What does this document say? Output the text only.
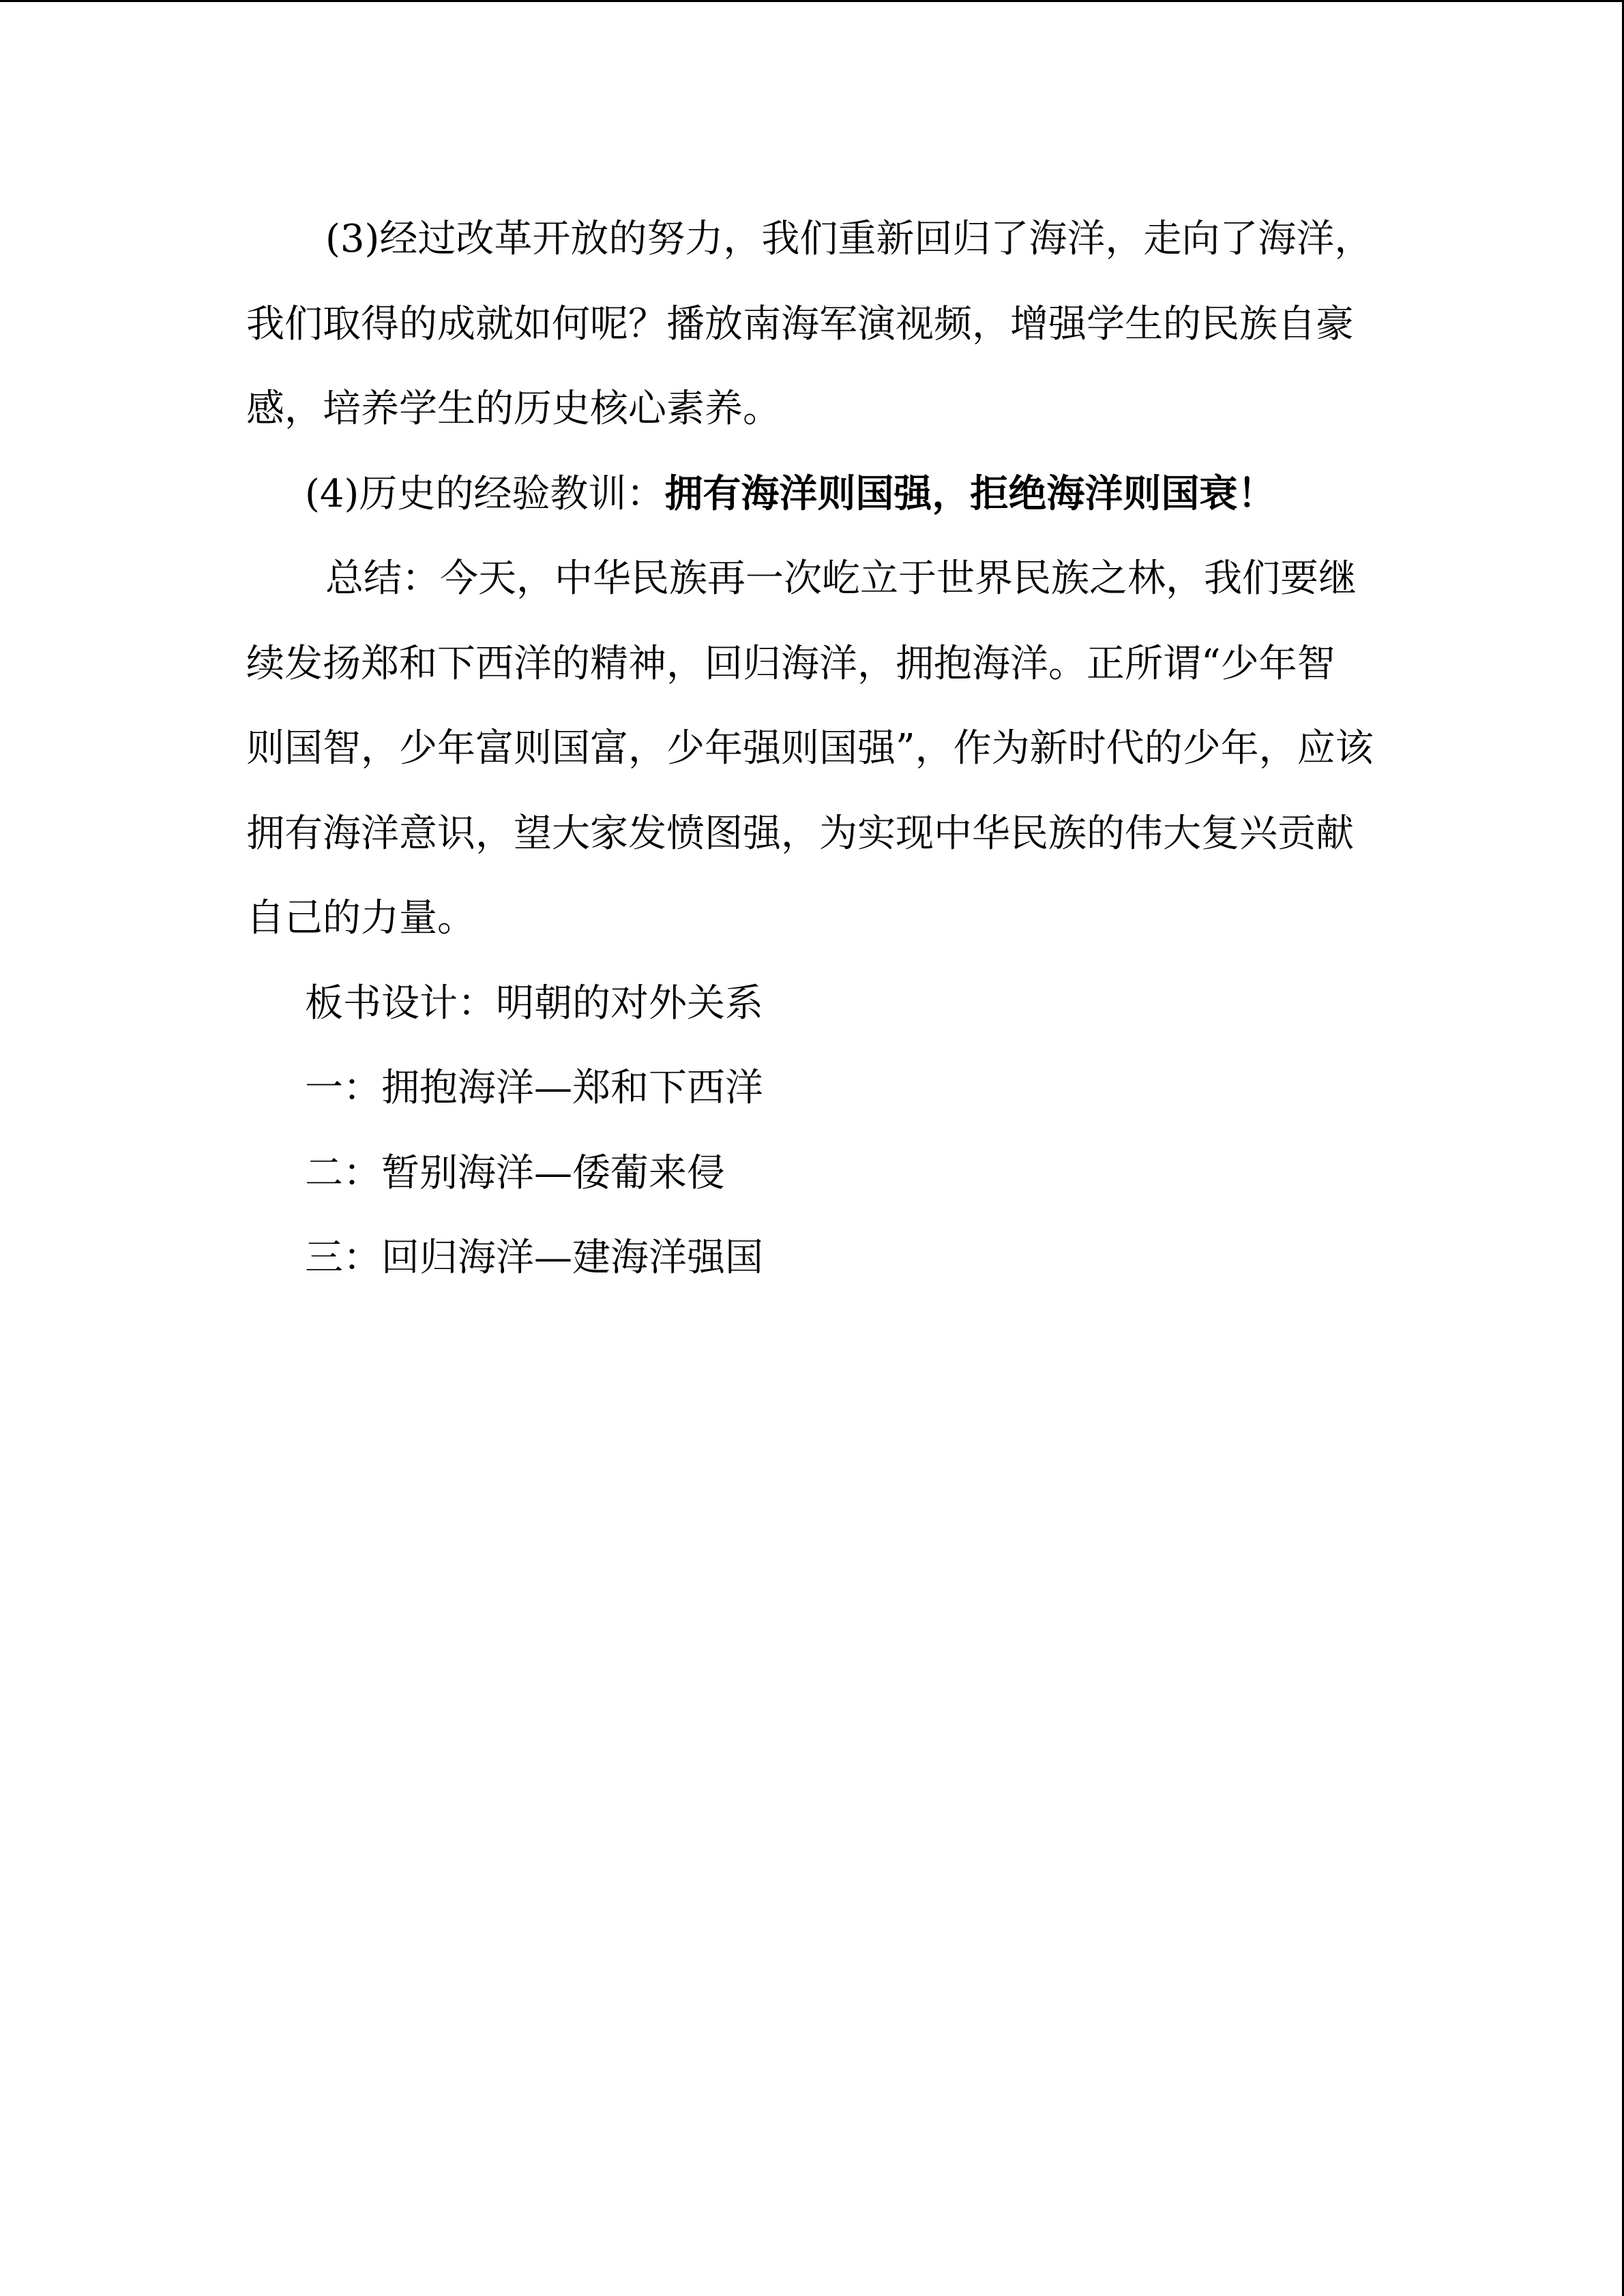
(3)经过改革开放的努力，我们重新回归了海洋，走向了海洋，
我们取得的成就如何呢？播放南海军演视频，增强学生的民族自豪
感，培养学生的历史核心素养。
(4)历史的经验教训：拥有海洋则国强，拒绝海洋则国衰！
总结：今天，中华民族再一次屹立于世界民族之林，我们要继
续发扬郑和下西洋的精神，回归海洋，拥抱海洋。正所谓“少年智
则国智，少年富则国富，少年强则国强”，作为新时代的少年，应该
拥有海洋意识，望大家发愤图强，为实现中华民族的伟大复兴贡献
自己的力量。
板书设计：明朝的对外关系
一：拥抱海洋—郑和下西洋
二：暂别海洋—倭葡来侵
三：回归海洋—建海洋强国
